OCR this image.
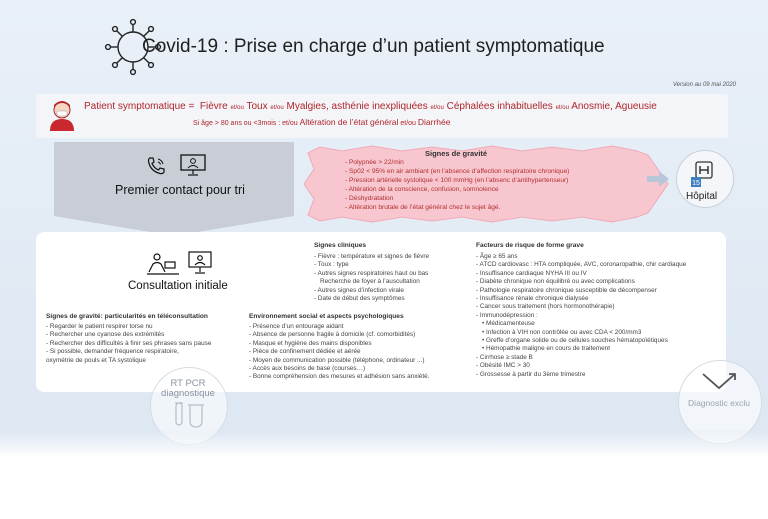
Covid-19 : Prise en charge d’un patient symptomatique
Version au 09 mai 2020
Patient symptomatique = Fièvre et/ou Toux et/ou Myalgies, asthénie inexpliquées et/ou Céphalées inhabituelles et/ou Anosmie, Agueusie
Si âge > 80 ans ou <3mois : et/ou Altération de l’état général et/ou Diarrhée
Premier contact pour tri
Signes de gravité
- Polypnée > 22/min
- Sp02 < 95% en air ambiant (en l’absence d’affection respiratoire chronique)
- Pression artérielle systolique < 100 mmHg (en l’absenc d’antihypertenseur)
- Altération de la conscience, confusion, somnolence
- Déshydratation
- Altération brutale de l’état général chez le sujet âgé.
15
Hôpital
Consultation initiale
Signes de gravité: particularités en téléconsultation
- Regarder le patient respirer torse nu
- Rechercher une cyanose des extrémités
- Rechercher des difficultés à finir ses phrases sans pause
- Si possible, demander fréquence respiratoire,
oxymétrie de pouls et TA systolique
Signes cliniques
- Fièvre : température et signes de fièvre
- Toux : type
- Autres signes respiratoires haut ou bas
Recherche de foyer à l’auscultation
- Autres signes d’infection virale
- Date de début des symptômes
Environnement social et aspects psychologiques
- Présence d’un entourage aidant
- Absence de personne fragile à domicile (cf. comorbidités)
- Masque et hygiène des mains disponibles
- Pièce de confinement dédiée et aérée
- Moyen de communication possible (téléphone, ordinateur ...)
- Accès aux besoins de base (courses…)
- Bonne compréhension des mesures et adhésion sans anxiété.
Facteurs de risque de forme grave
- Âge ≥ 65 ans
- ATCD cardiovasc : HTA compliquée, AVC, coronaropathie, chir cardiaque
- Insuffisance cardiaque NYHA III ou IV
- Diabète chronique non équilibré ou avec complications
- Pathologie respiratoire chronique susceptible de décompenser
- Insuffisance rénale chronique dialysée
- Cancer sous traitement (hors hormonothérapie)
- Immunodépression :
• Médicamenteuse
• Infection à VIH non contrôlée ou avec CDA < 200/mm3
• Greffe d’organe solide ou de cellules souches hématopoïétiques
• Hémopathie maligne en cours de traitement
- Cirrhose ≥ stade B
- Obésité IMC > 30
- Grossesse à partir du 3ème trimestre
RT PCR diagnostique
Diagnostic exclu
